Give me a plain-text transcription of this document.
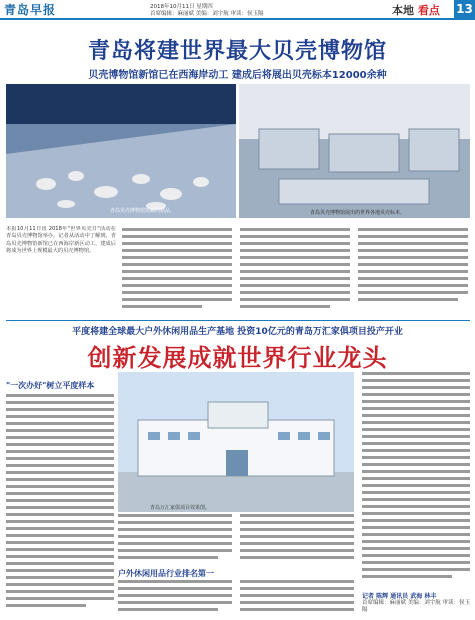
青岛早报	2018年10月11日 星期四
首席编辑：麻丽斌 美编：刘宇航 审读：侯玉隔	本地 看点 13
青岛将建世界最大贝壳博物馆
贝壳博物馆新馆已在西海岸动工 建成后将展出贝壳标本12000余种
青岛贝壳博物馆馆藏的精品。	青岛贝壳博物馆展出的世界各地贝壳标本。
本报10月11日讯 2018年"世界贝壳日"活动在青岛贝壳博物馆举办。记者从活动中了解到，青岛贝壳博物馆新馆已在西海岸新区动工，建成后将成为世界上规模最大的贝壳博物馆。
平度将建全球最大户外休闲用品生产基地 投资10亿元的青岛万汇家俱项目投产开业
创新发展成就世界行业龙头
"一次办好"树立平度样本
青岛万汇家俱项目效果图。
户外休闲用品行业排名第一
记者 陈辉 通讯员 武海 林丰
首席编辑：麻丽斌 美编：刘宇航 审读：侯玉隔
